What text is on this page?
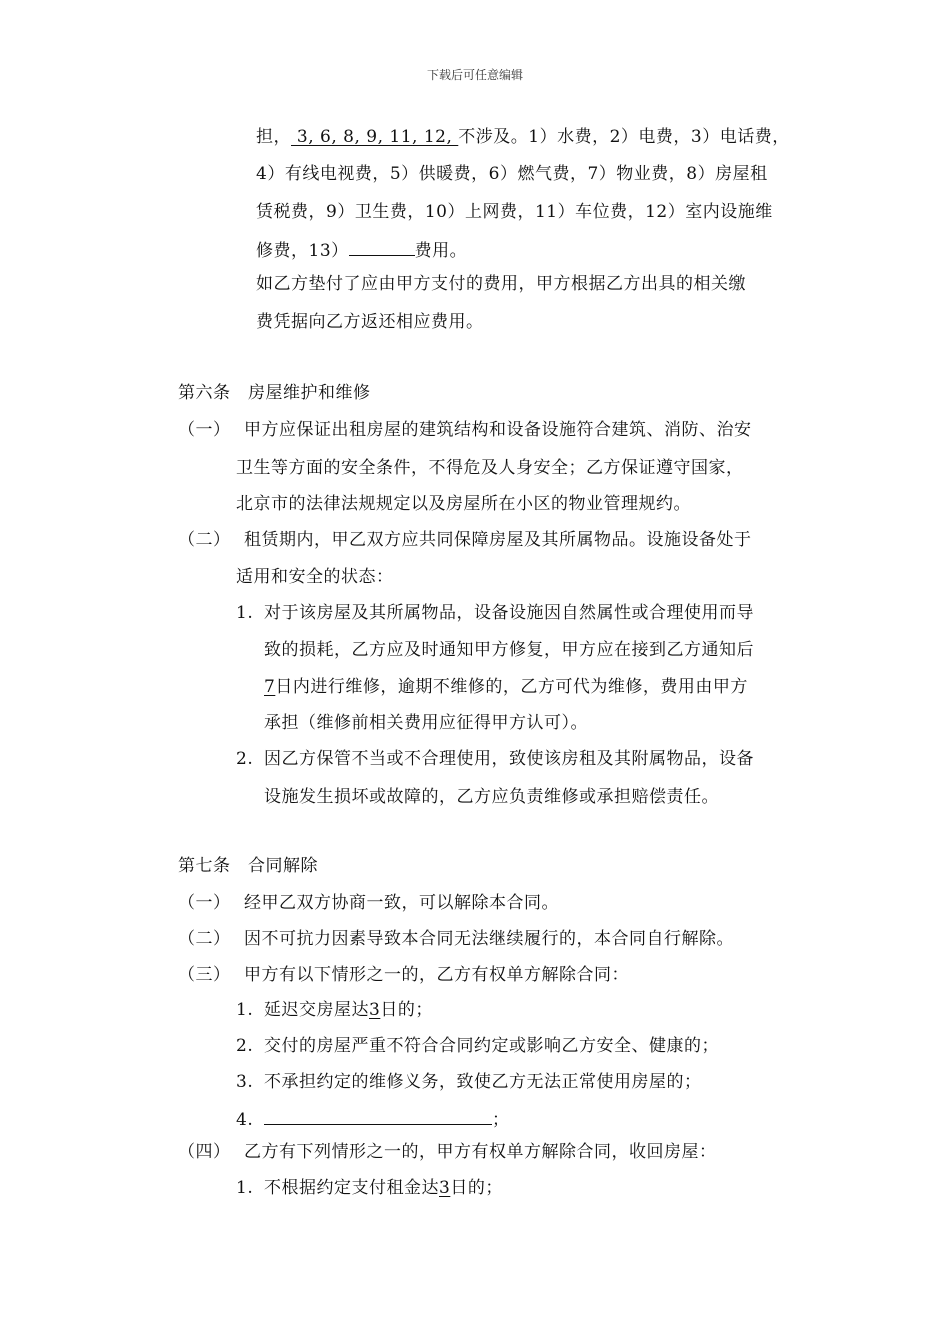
下载后可任意编辑
担， 3, 6, 8, 9, 11, 12, 不涉及。1）水费，2）电费，3）电话费，
4）有线电视费，5）供暖费，6）燃气费，7）物业费，8）房屋租
赁税费，9）卫生费，10）上网费，11）车位费，12）室内设施维
修费，13）	费用。
如乙方垫付了应由甲方支付的费用，甲方根据乙方出具的相关缴
费凭据向乙方返还相应费用。
第六条　房屋维护和维修
（一） 甲方应保证出租房屋的建筑结构和设备设施符合建筑、消防、治安
卫生等方面的安全条件，不得危及人身安全；乙方保证遵守国家，
北京市的法律法规规定以及房屋所在小区的物业管理规约。
（二） 租赁期内，甲乙双方应共同保障房屋及其所属物品。设施设备处于
适用和安全的状态：
1. 对于该房屋及其所属物品，设备设施因自然属性或合理使用而导
致的损耗，乙方应及时通知甲方修复，甲方应在接到乙方通知后
7日内进行维修，逾期不维修的，乙方可代为维修，费用由甲方
承担（维修前相关费用应征得甲方认可）。
2. 因乙方保管不当或不合理使用，致使该房租及其附属物品，设备
设施发生损坏或故障的，乙方应负责维修或承担赔偿责任。
第七条　合同解除
（一） 经甲乙双方协商一致，可以解除本合同。
（二） 因不可抗力因素导致本合同无法继续履行的，本合同自行解除。
（三） 甲方有以下情形之一的，乙方有权单方解除合同：
1. 延迟交房屋达3日的；
2. 交付的房屋严重不符合合同约定或影响乙方安全、健康的；
3. 不承担约定的维修义务，致使乙方无法正常使用房屋的；
4.	；
（四） 乙方有下列情形之一的，甲方有权单方解除合同，收回房屋：
1. 不根据约定支付租金达3日的；
